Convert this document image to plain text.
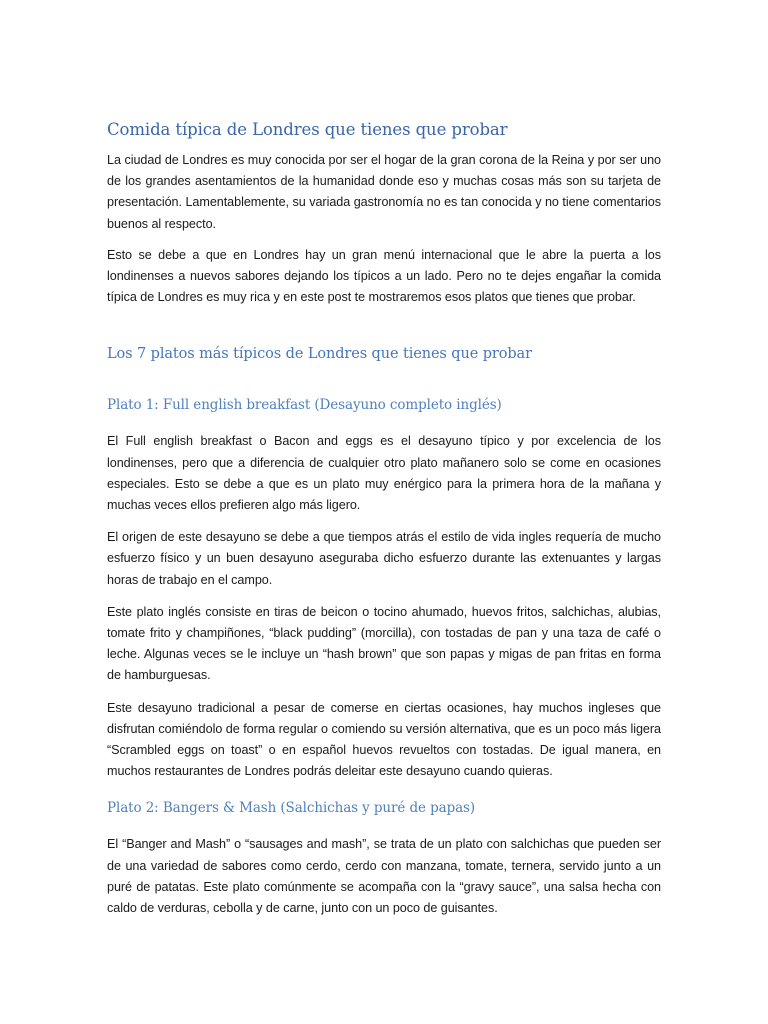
Comida típica de Londres que tienes que probar

La ciudad de Londres es muy conocida por ser el hogar de la gran corona de la Reina y por ser uno de los grandes asentamientos de la humanidad donde eso y muchas cosas más son su tarjeta de presentación. Lamentablemente, su variada gastronomía no es tan conocida y no tiene comentarios buenos al respecto.

Esto se debe a que en Londres hay un gran menú internacional que le abre la puerta a los londinenses a nuevos sabores dejando los típicos a un lado. Pero no te dejes engañar la comida típica de Londres es muy rica y en este post te mostraremos esos platos que tienes que probar.

Los 7 platos más típicos de Londres que tienes que probar
Plato 1: Full english breakfast (Desayuno completo inglés)

El Full english breakfast o Bacon and eggs es el desayuno típico y por excelencia de los londinenses, pero que a diferencia de cualquier otro plato mañanero solo se come en ocasiones especiales. Esto se debe a que es un plato muy enérgico para la primera hora de la mañana y muchas veces ellos prefieren algo más ligero.

El origen de este desayuno se debe a que tiempos atrás el estilo de vida ingles requería de mucho esfuerzo físico y un buen desayuno aseguraba dicho esfuerzo durante las extenuantes y largas horas de trabajo en el campo.

Este plato inglés consiste en tiras de beicon o tocino ahumado, huevos fritos, salchichas, alubias, tomate frito y champiñones, “black pudding” (morcilla), con tostadas de pan y una taza de café o leche. Algunas veces se le incluye un “hash brown” que son papas y migas de pan fritas en forma de hamburguesas.

Este desayuno tradicional a pesar de comerse en ciertas ocasiones, hay muchos ingleses que disfrutan comiéndolo de forma regular o comiendo su versión alternativa, que es un poco más ligera “Scrambled eggs on toast” o en español huevos revueltos con tostadas. De igual manera, en muchos restaurantes de Londres podrás deleitar este desayuno cuando quieras.

Plato 2: Bangers & Mash (Salchichas y puré de papas)

El “Banger and Mash” o “sausages and mash”, se trata de un plato con salchichas que pueden ser de una variedad de sabores como cerdo, cerdo con manzana, tomate, ternera, servido junto a un puré de patatas. Este plato comúnmente se acompaña con la “gravy sauce”, una salsa hecha con caldo de verduras, cebolla y de carne, junto con un poco de guisantes.
